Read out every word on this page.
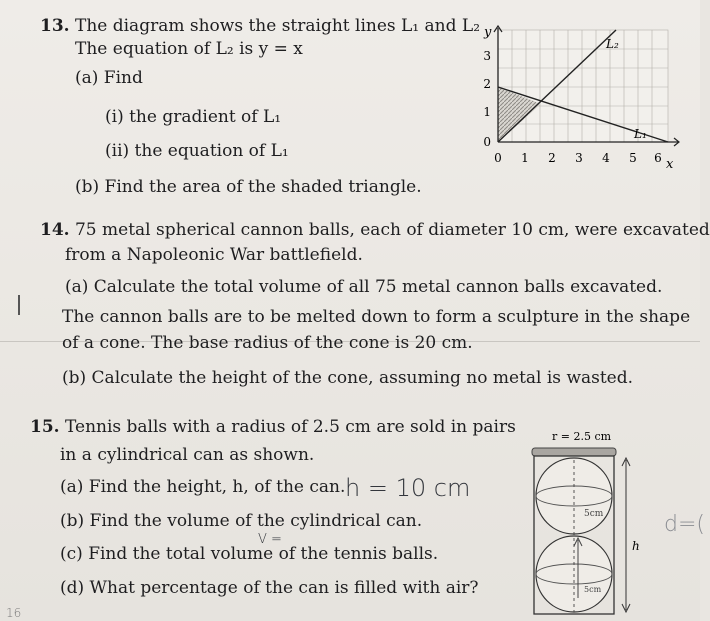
13. The diagram shows the straight lines L₁ and L₂
The equation of L₂ is y = x
(a) Find
(i) the gradient of L₁
(ii) the equation of L₁
(b) Find the area of the shaded triangle.
y
x
L₂
L₁
0
1
2
3
0 1 2 3 4 5 6
14. 75 metal spherical cannon balls, each of diameter 10 cm, were excavated
from a Napoleonic War battlefield.
(a) Calculate the total volume of all 75 metal cannon balls excavated.
The cannon balls are to be melted down to form a sculpture in the shape
of a cone. The base radius of the cone is 20 cm.
(b) Calculate the height of the cone, assuming no metal is wasted.
15. Tennis balls with a radius of 2.5 cm are sold in pairs
in a cylindrical can as shown.
(a) Find the height, h, of the can.
(b) Find the volume of the cylindrical can.
(c) Find the total volume of the tennis balls.
(d) What percentage of the can is filled with air?
h = 10 cm
V =
d=(
16
r = 2.5 cm
5cm
5cm
h
